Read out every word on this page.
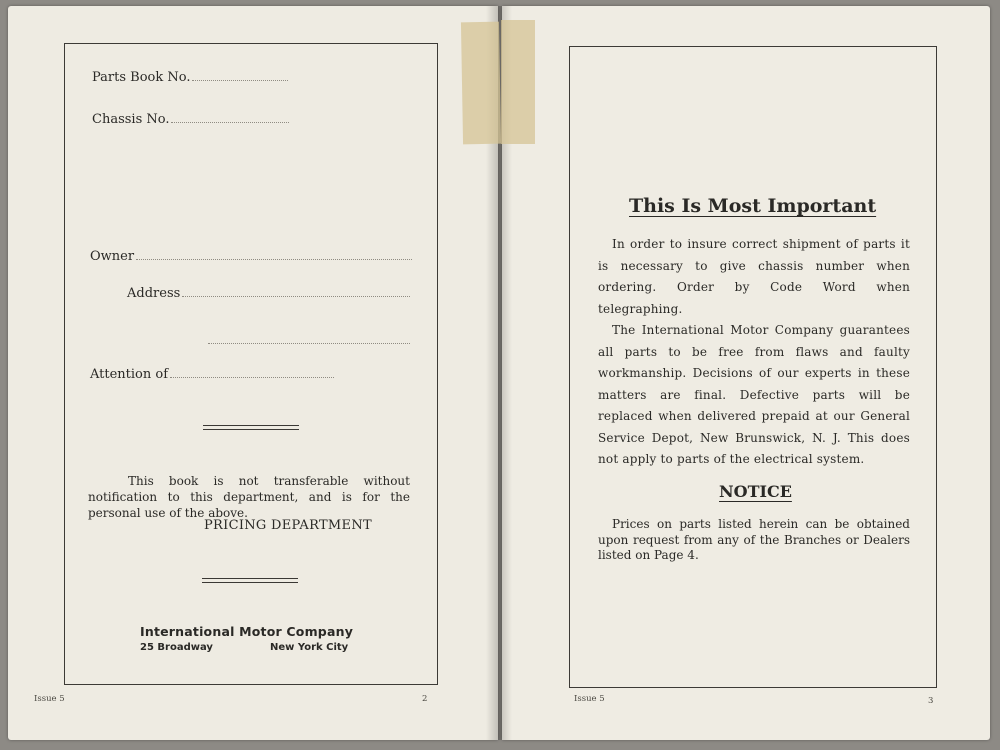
Parts Book No.
Chassis No.
Owner
Address
Attention of
This book is not transferable without notification to this department, and is for the personal use of the above.
PRICING DEPARTMENT
International Motor Company
25 Broadway	New York City
Issue 5	2
This Is Most Important

In order to insure correct shipment of parts it is necessary to give chassis number when ordering. Order by Code Word when telegraphing.

The International Motor Company guarantees all parts to be free from flaws and faulty workmanship. Decisions of our experts in these matters are final. Defective parts will be replaced when delivered prepaid at our General Service Depot, New Brunswick, N. J. This does not apply to parts of the electrical system.

NOTICE
Prices on parts listed herein can be obtained upon request from any of the Branches or Dealers listed on Page 4.
Issue 5	3
